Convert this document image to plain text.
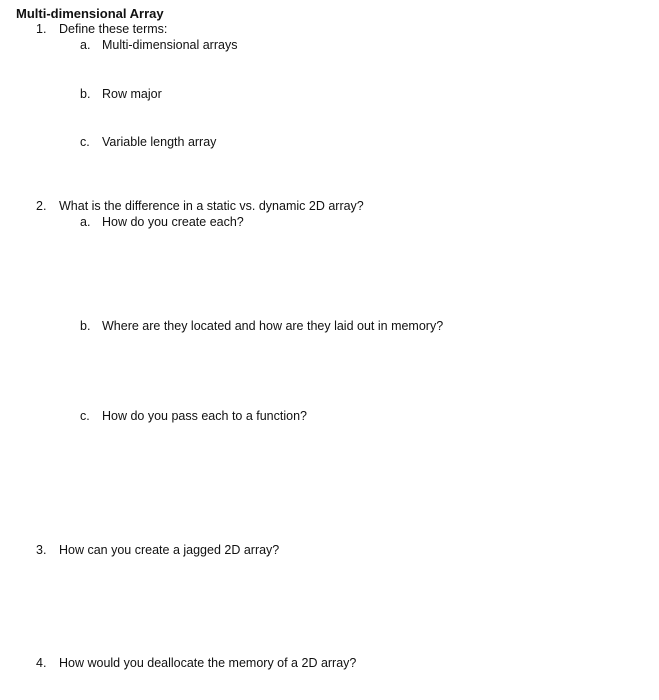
Multi-dimensional Array
1.	Define these terms:
a. Multi-dimensional arrays
b. Row major
c. Variable length array
2.	What is the difference in a static vs. dynamic 2D array?
a. How do you create each?
b. Where are they located and how are they laid out in memory?
c. How do you pass each to a function?
3.	How can you create a jagged 2D array?
4.	How would you deallocate the memory of a 2D array?
